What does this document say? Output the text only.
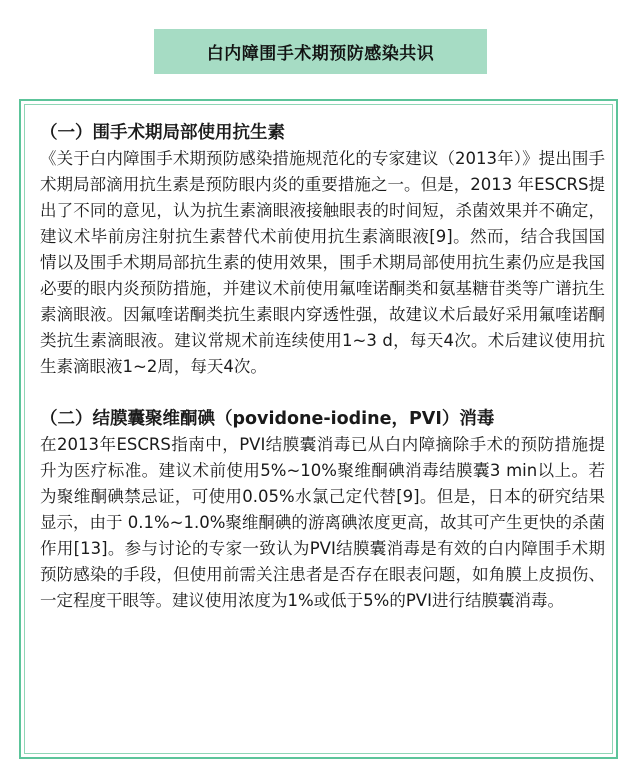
白内障围手术期预防感染共识

（一）围手术期局部使用抗生素

《关于白内障围手术期预防感染措施规范化的专家建议（2013年）》提出围手术期局部滴用抗生素是预防眼内炎的重要措施之一。但是，2013 年ESCRS提出了不同的意见，认为抗生素滴眼液接触眼表的时间短，杀菌效果并不确定，建议术毕前房注射抗生素替代术前使用抗生素滴眼液[9]。然而，结合我国国情以及围手术期局部抗生素的使用效果，围手术期局部使用抗生素仍应是我国必要的眼内炎预防措施，并建议术前使用氟喹诺酮类和氨基糖苷类等广谱抗生素滴眼液。因氟喹诺酮类抗生素眼内穿透性强，故建议术后最好采用氟喹诺酮类抗生素滴眼液。建议常规术前连续使用1~3 d，每天4次。术后建议使用抗生素滴眼液1~2周，每天4次。

（二）结膜囊聚维酮碘（povidone-iodine，PVI）消毒

在2013年ESCRS指南中，PVI结膜囊消毒已从白内障摘除手术的预防措施提升为医疗标准。建议术前使用5%~10%聚维酮碘消毒结膜囊3 min以上。若为聚维酮碘禁忌证，可使用0.05%水氯己定代替[9]。但是，日本的研究结果显示，由于 0.1%~1.0%聚维酮碘的游离碘浓度更高，故其可产生更快的杀菌作用[13]。参与讨论的专家一致认为PVI结膜囊消毒是有效的白内障围手术期预防感染的手段，但使用前需关注患者是否存在眼表问题，如角膜上皮损伤、一定程度干眼等。建议使用浓度为1%或低于5%的PVI进行结膜囊消毒。
